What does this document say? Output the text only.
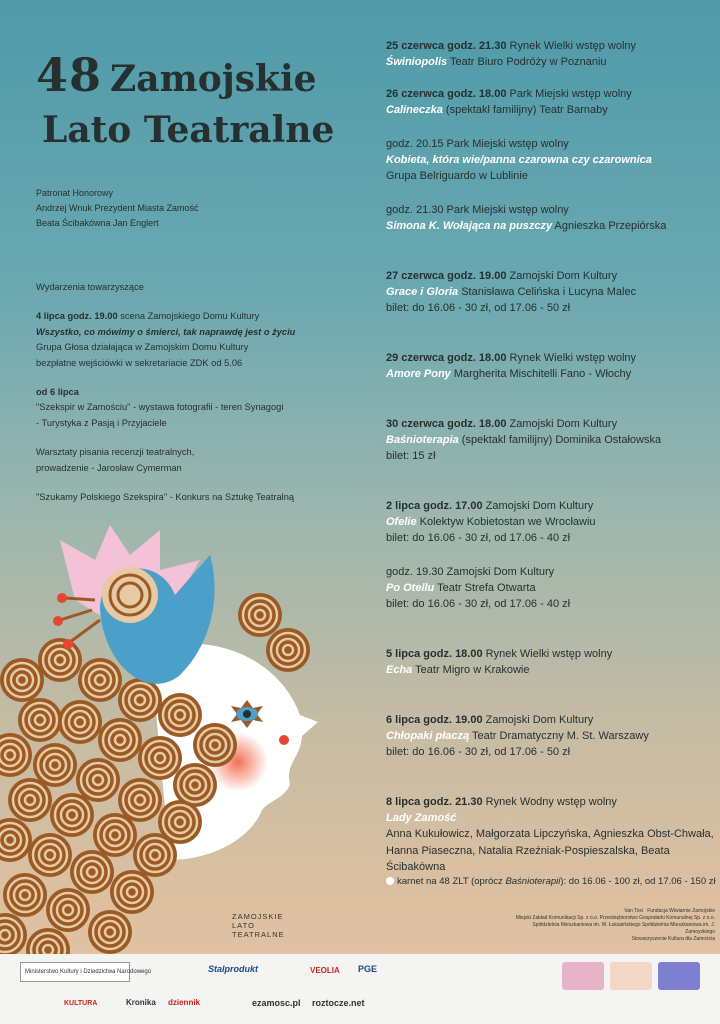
48 Zamojskie
Lato Teatralne
Patronat Honorowy
Andrzej Wnuk Prezydent Miasta Zamość
Beata Ścibakówna Jan Englert

Wydarzenia towarzyszące

4 lipca godz. 19.00 scena Zamojskiego Domu Kultury
Wszystko, co mówimy o śmierci, tak naprawdę jest o życiu
Grupa Głosa działająca w Zamojskim Domu Kultury
bezpłatne wejściówki w sekretariacie ZDK od 5.06

od 6 lipca
"Szekspir w Zamościu" - wystawa fotografii - teren Synagogi
- Turystyka z Pasją i Przyjaciele

Warsztaty pisania recenzji teatralnych,
prowadzenie - Jarosław Cymerman

"Szukamy Polskiego Szekspira" - Konkurs na Sztukę Teatralną

25 czerwca godz. 21.30 Rynek Wielki wstęp wolny
Świniopolis Teatr Biuro Podróży w Poznaniu
26 czerwca godz. 18.00 Park Miejski wstęp wolny
Calineczka (spektakl familijny) Teatr Barnaby
godz. 20.15 Park Miejski wstęp wolny
Kobieta, która wie/panna czarowna czy czarownica
Grupa Belriguardo w Lublinie
godz. 21.30 Park Miejski wstęp wolny
Simona K. Wołająca na puszczy Agnieszka Przepiórska
27 czerwca godz. 19.00 Zamojski Dom Kultury
Grace i Gloria Stanisława Celińska i Lucyna Malec
bilet: do 16.06 - 30 zł, od 17.06 - 50 zł
29 czerwca godz. 18.00 Rynek Wielki wstęp wolny
Amore Pony Margherita Mischitelli Fano - Włochy
30 czerwca godz. 18.00 Zamojski Dom Kultury
Baśnioterapia (spektakl familijny) Dominika Ostałowska
bilet: 15 zł
2 lipca godz. 17.00 Zamojski Dom Kultury
Ofelie Kolektyw Kobietostan we Wrocławiu
bilet: do 16.06 - 30 zł, od 17.06 - 40 zł
godz. 19.30 Zamojski Dom Kultury
Po Otellu Teatr Strefa Otwarta
bilet: do 16.06 - 30 zł, od 17.06 - 40 zł
5 lipca godz. 18.00 Rynek Wielki wstęp wolny
Echa Teatr Migro w Krakowie
6 lipca godz. 19.00 Zamojski Dom Kultury
Chłopaki płaczą Teatr Dramatyczny M. St. Warszawy
bilet: do 16.06 - 30 zł, od 17.06 - 50 zł
8 lipca godz. 21.30 Rynek Wodny wstęp wolny
Lady Zamość
Anna Kukułowicz, Małgorzata Lipczyńska, Agnieszka Obst-Chwała,
Hanna Piaseczna, Natalia Rzeźniak-Pospieszalska, Beata Ścibakówna
karnet na 48 ZLT (oprócz Baśnioterapii): do 16.06 - 100 zł, od 17.06 - 150 zł
ZAMOJSKIE
LATO
TEATRALNE
Van Toxi Fundacja Wiwiarnie Zamojskie
Miejski Zakład Komunikacji Sp. z o.o. Przedsiębiorstwo Gospodarki Komunalnej Sp. z o.o.
Spółdzielnia Mieszkaniowa im. W. Łukasińskiego Spółdzielnia Mieszkaniowa im. J. Zamoyskiego
Stowarzyszenie Kultura dla Zamościa
Ministerstwo Kultury i Dziedzictwa Narodowego	Stalprodukt	VEOLIA PGE
KULTURA	Kronika dziennik	ezamosc.pl roztocze.net
